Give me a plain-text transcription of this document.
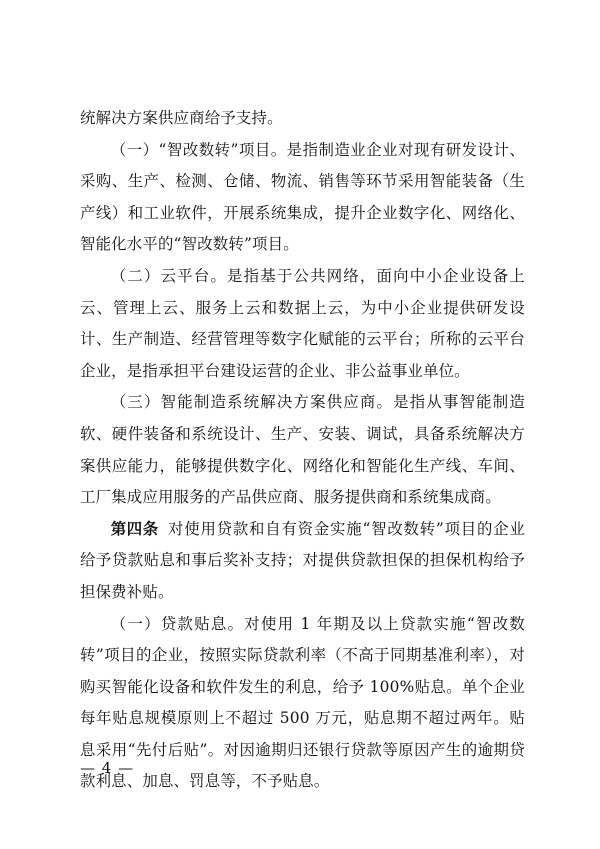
统解决方案供应商给予支持。

（一）“智改数转”项目。是指制造业企业对现有研发设计、采购、生产、检测、仓储、物流、销售等环节采用智能装备（生产线）和工业软件，开展系统集成，提升企业数字化、网络化、智能化水平的“智改数转”项目。

（二）云平台。是指基于公共网络，面向中小企业设备上云、管理上云、服务上云和数据上云，为中小企业提供研发设计、生产制造、经营管理等数字化赋能的云平台；所称的云平台企业，是指承担平台建设运营的企业、非公益事业单位。

（三）智能制造系统解决方案供应商。是指从事智能制造软、硬件装备和系统设计、生产、安装、调试，具备系统解决方案供应能力，能够提供数字化、网络化和智能化生产线、车间、工厂集成应用服务的产品供应商、服务提供商和系统集成商。

第四条 对使用贷款和自有资金实施“智改数转”项目的企业给予贷款贴息和事后奖补支持；对提供贷款担保的担保机构给予担保费补贴。

（一）贷款贴息。对使用 1 年期及以上贷款实施“智改数转”项目的企业，按照实际贷款利率（不高于同期基准利率），对购买智能化设备和软件发生的利息，给予 100%贴息。单个企业每年贴息规模原则上不超过 500 万元，贴息期不超过两年。贴息采用“先付后贴”。对因逾期归还银行贷款等原因产生的逾期贷款利息、加息、罚息等，不予贴息。

— 4 —
